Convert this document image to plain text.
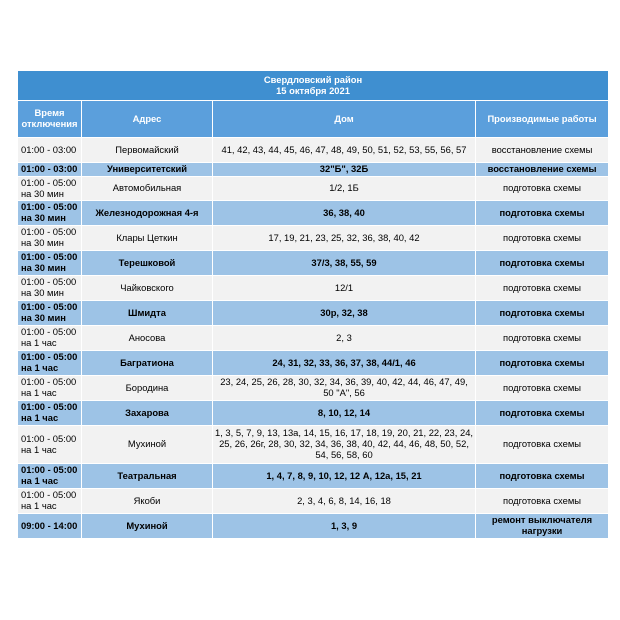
Свердловский район
15 октября 2021			

Время отключения	Адрес	Дом	Производимые работы
01:00 - 03:00	Первомайский	41, 42, 43, 44, 45, 46, 47, 48, 49, 50, 51, 52, 53, 55, 56, 57	восстановление схемы
01:00 - 03:00	Университетский	32"Б", 32Б	восстановление схемы
01:00 - 05:00 на 30 мин	Автомобильная	1/2, 1Б	подготовка схемы
01:00 - 05:00 на 30 мин	Железнодорожная 4-я	36, 38, 40	подготовка схемы
01:00 - 05:00 на 30 мин	Клары Цеткин	17, 19, 21, 23, 25, 32, 36, 38, 40, 42	подготовка схемы
01:00 - 05:00 на 30 мин	Терешковой	37/3, 38, 55, 59	подготовка схемы
01:00 - 05:00 на 30 мин	Чайковского	12/1	подготовка схемы
01:00 - 05:00 на 30 мин	Шмидта	30р, 32, 38	подготовка схемы
01:00 - 05:00 на 1 час	Аносова	2, 3	подготовка схемы
01:00 - 05:00 на 1 час	Багратиона	24, 31, 32, 33, 36, 37, 38, 44/1, 46	подготовка схемы
01:00 - 05:00 на 1 час	Бородина	23, 24, 25, 26, 28, 30, 32, 34, 36, 39, 40, 42, 44, 46, 47, 49, 50 "А", 56	подготовка схемы
01:00 - 05:00 на 1 час	Захарова	8, 10, 12, 14	подготовка схемы
01:00 - 05:00 на 1 час	Мухиной	1, 3, 5, 7, 9, 13, 13а, 14, 15, 16, 17, 18, 19, 20, 21, 22, 23, 24, 25, 26, 26г, 28, 30, 32, 34, 36, 38, 40, 42, 44, 46, 48, 50, 52, 54, 56, 58, 60	подготовка схемы
01:00 - 05:00 на 1 час	Театральная	1, 4, 7, 8, 9, 10, 12, 12 А, 12а, 15, 21	подготовка схемы
01:00 - 05:00 на 1 час	Якоби	2, 3, 4, 6, 8, 14, 16, 18	подготовка схемы
09:00 - 14:00	Мухиной	1, 3, 9	ремонт выключателя нагрузки
